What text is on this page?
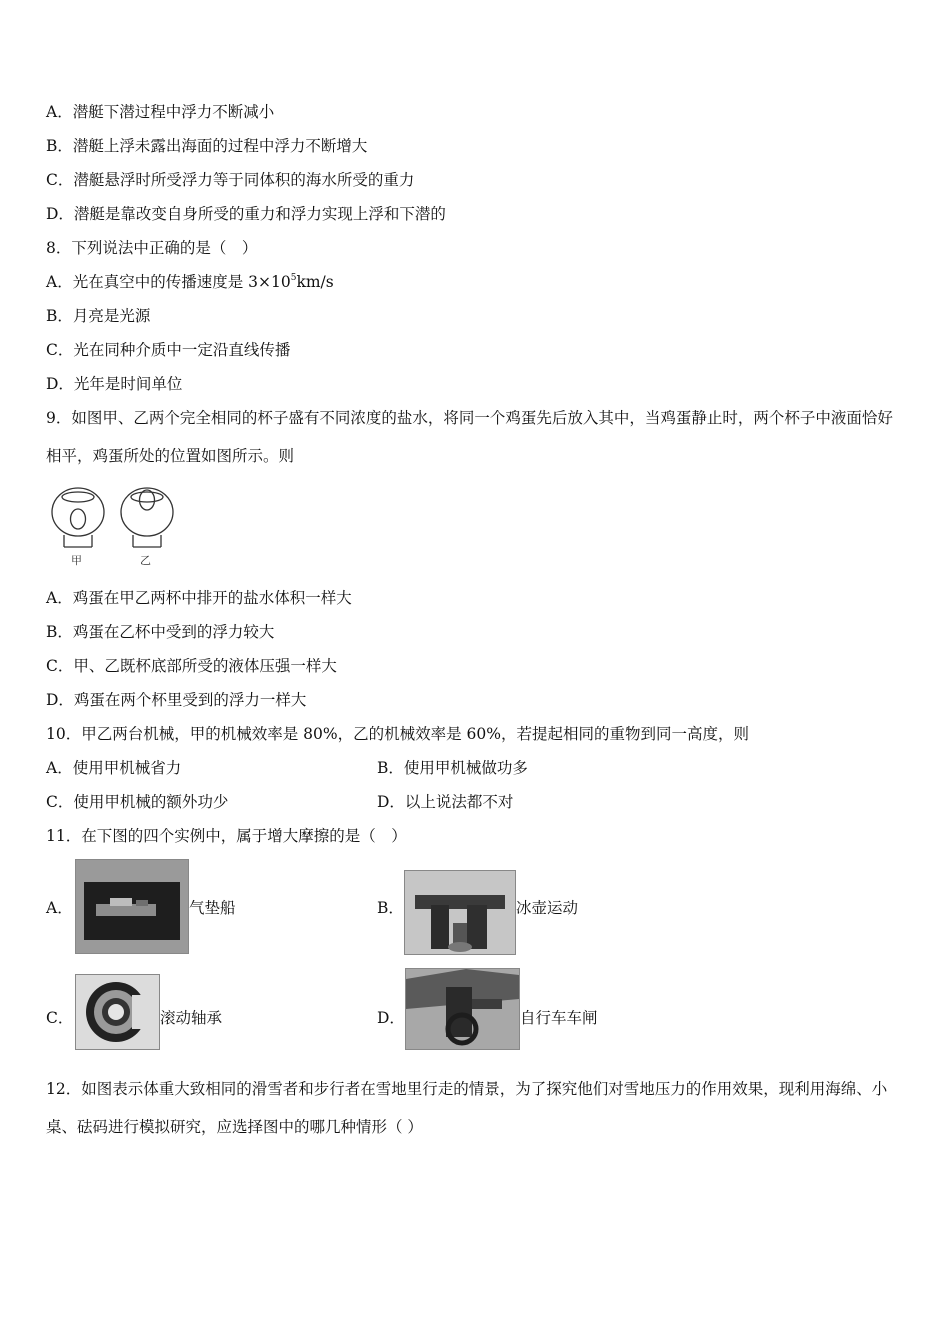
A．潜艇下潜过程中浮力不断减小
B．潜艇上浮未露出海面的过程中浮力不断增大
C．潜艇悬浮时所受浮力等于同体积的海水所受的重力
D．潜艇是靠改变自身所受的重力和浮力实现上浮和下潜的
8．下列说法中正确的是（　）
A．光在真空中的传播速度是 $3\times 10^5km/s$
B．月亮是光源
C．光在同种介质中一定沿直线传播
D．光年是时间单位
9．如图甲、乙两个完全相同的杯子盛有不同浓度的盐水，将同一个鸡蛋先后放入其中，当鸡蛋静止时，两个杯子中液面恰好相平，鸡蛋所处的位置如图所示。则
甲	乙
A．鸡蛋在甲乙两杯中排开的盐水体积一样大
B．鸡蛋在乙杯中受到的浮力较大
C．甲、乙既杯底部所受的液体压强一样大
D．鸡蛋在两个杯里受到的浮力一样大
10．甲乙两台机械，甲的机械效率是 80%，乙的机械效率是 60%，若提起相同的重物到同一高度，则
A．使用甲机械省力	B．使用甲机械做功多
C．使用甲机械的额外功少	D．以上说法都不对
11．在下图的四个实例中，属于增大摩擦的是（　）
A．	气垫船	B．	冰壶运动
C．	滚动轴承	D．	自行车车闸
12．如图表示体重大致相同的滑雪者和步行者在雪地里行走的情景，为了探究他们对雪地压力的作用效果，现利用海绵、小桌、砝码进行模拟研究，应选择图中的哪几种情形（ ）
